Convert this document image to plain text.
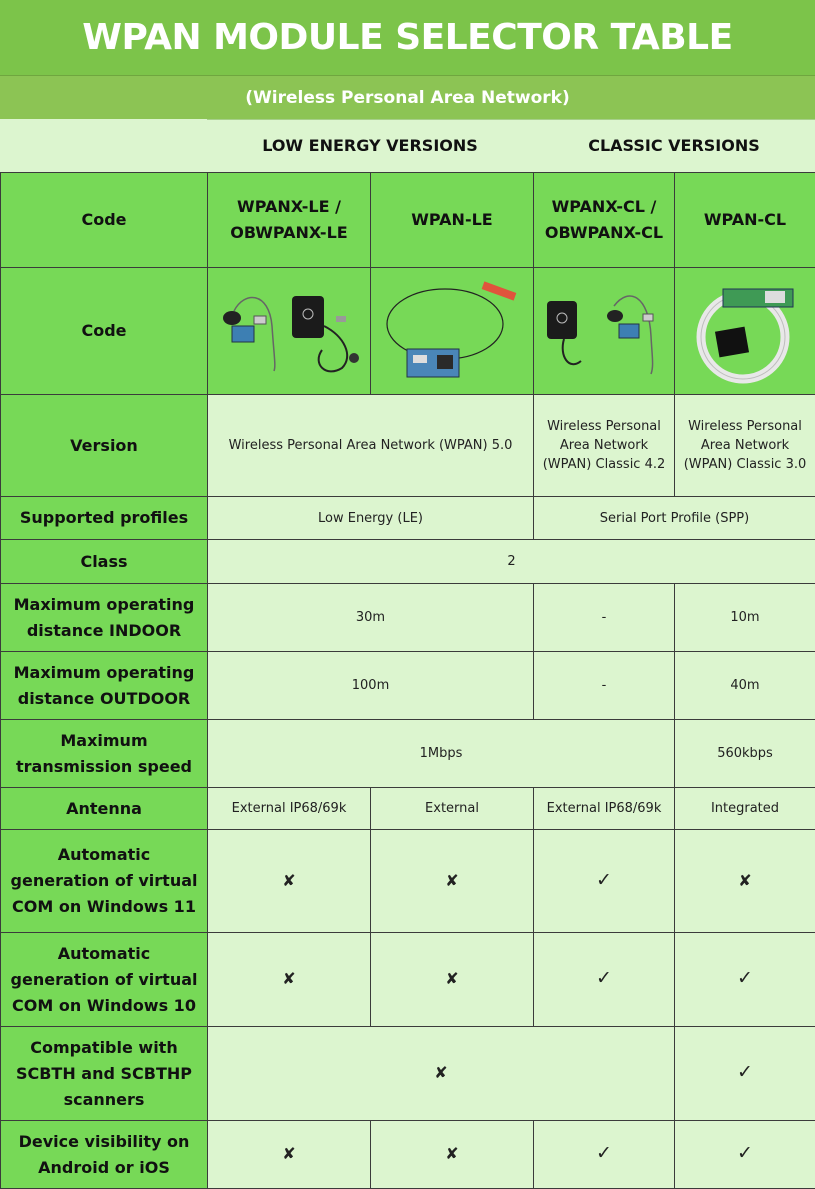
WPAN MODULE SELECTOR TABLE
(Wireless Personal Area Network)
LOW ENERGY VERSIONS	CLASSIC VERSIONS
Code	WPANX-LE / OBWPANX-LE	WPAN-LE	WPANX-CL / OBWPANX-CL	WPAN-CL
Code	

Version	Wireless Personal Area Network (WPAN) 5.0		Wireless Personal Area Network (WPAN) Classic 4.2	Wireless Personal Area Network (WPAN) Classic 3.0
Supported profiles	Low Energy (LE)		Serial Port Profile (SPP)	
Class	2			
Maximum operating distance INDOOR	30m		-	10m
Maximum operating distance OUTDOOR	100m		-	40m
Maximum transmission speed	1Mbps			560kbps
Antenna	External IP68/69k	External	External IP68/69k	Integrated
Automatic generation of virtual COM on Windows 11	✘	✘	✓	✘
Automatic generation of virtual COM on Windows 10	✘	✘	✓	✓
Compatible with SCBTH and SCBTHP scanners	✘			✓
Device visibility on Android or iOS	✘	✘	✓	✓
